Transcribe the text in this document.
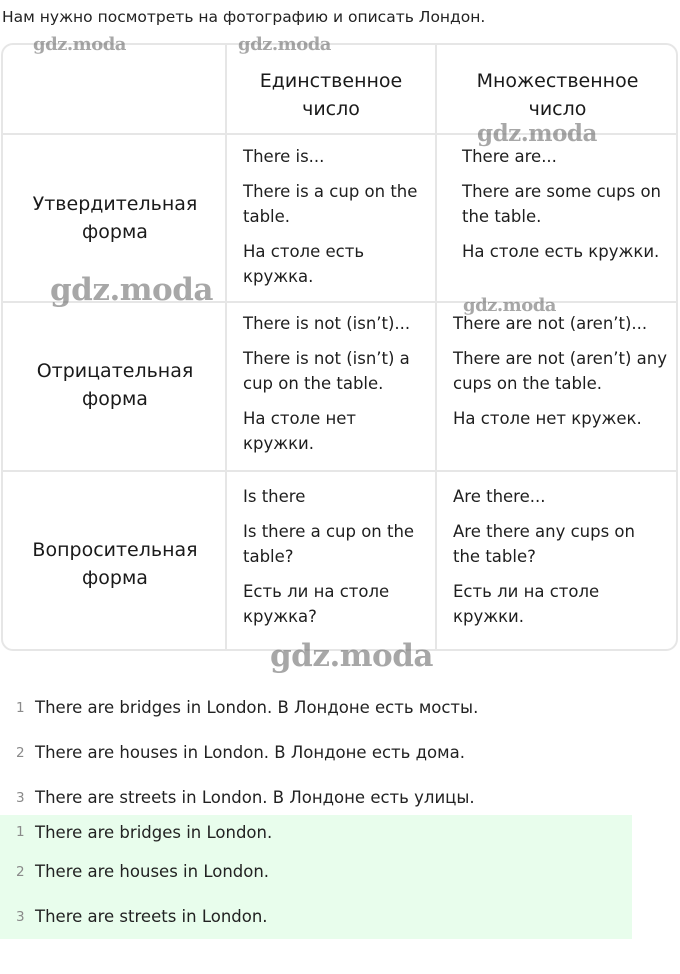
Нам нужно посмотреть на фотографию и описать Лондон.
Единственное
число
Множественное
число
Утвердительная
форма

There is...

There is a cup on the table.

На столе есть кружка.

There are...

There are some cups on the table.

На столе есть кружки.

Отрицательная
форма

There is not (isn’t)...

There is not (isn’t) a cup on the table.

На столе нет кружки.

There are not (aren’t)...

There are not (aren’t) any cups on the table.

На столе нет кружек.

Вопросительная
форма

Is there

Is there a cup on the table?

Есть ли на столе кружка?

Are there...

Are there any cups on the table?

Есть ли на столе кружки.

gdz.moda	gdz.moda
gdz.moda
gdz.moda	gdz.moda
gdz.moda
1 There are bridges in London. В Лондоне есть мосты.
2 There are houses in London. В Лондоне есть дома.
3 There are streets in London. В Лондоне есть улицы.
1 There are bridges in London.
2 There are houses in London.
3 There are streets in London.
